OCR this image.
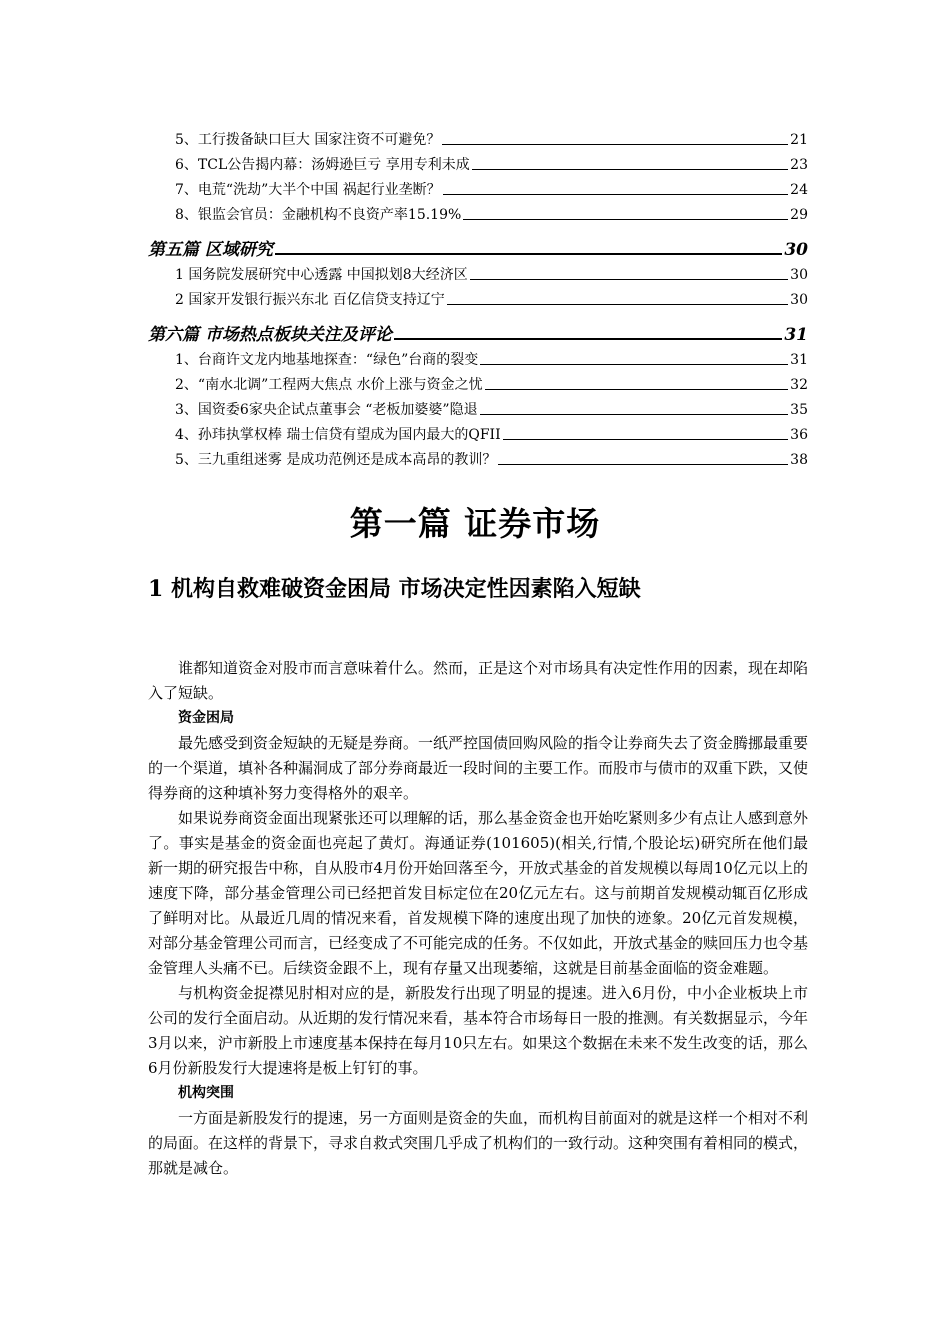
5、工行拨备缺口巨大 国家注资不可避免？	21
6、TCL公告揭内幕：汤姆逊巨亏 享用专利未成	23
7、电荒“洗劫”大半个中国 祸起行业垄断？	24
8、银监会官员：金融机构不良资产率15.19%	29
第五篇 区域研究	30
1 国务院发展研究中心透露 中国拟划8大经济区	30
2 国家开发银行振兴东北 百亿信贷支持辽宁	30
第六篇 市场热点板块关注及评论	31
1、台商许文龙内地基地探查：“绿色”台商的裂变	31
2、“南水北调”工程两大焦点 水价上涨与资金之忧	32
3、国资委6家央企试点董事会 “老板加婆婆”隐退	35
4、孙玮执掌权棒 瑞士信贷有望成为国内最大的QFII	36
5、三九重组迷雾 是成功范例还是成本高昂的教训？	38
第一篇 证券市场
1 机构自救难破资金困局 市场决定性因素陷入短缺

谁都知道资金对股市而言意味着什么。然而，正是这个对市场具有决定性作用的因素，现在却陷入了短缺。

资金困局

最先感受到资金短缺的无疑是券商。一纸严控国债回购风险的指令让券商失去了资金腾挪最重要的一个渠道，填补各种漏洞成了部分券商最近一段时间的主要工作。而股市与债市的双重下跌，又使得券商的这种填补努力变得格外的艰辛。

如果说券商资金面出现紧张还可以理解的话，那么基金资金也开始吃紧则多少有点让人感到意外了。事实是基金的资金面也亮起了黄灯。海通证券(101605)(相关,行情,个股论坛)研究所在他们最新一期的研究报告中称，自从股市4月份开始回落至今，开放式基金的首发规模以每周10亿元以上的速度下降，部分基金管理公司已经把首发目标定位在20亿元左右。这与前期首发规模动辄百亿形成了鲜明对比。从最近几周的情况来看，首发规模下降的速度出现了加快的迹象。20亿元首发规模，对部分基金管理公司而言，已经变成了不可能完成的任务。不仅如此，开放式基金的赎回压力也令基金管理人头痛不已。后续资金跟不上，现有存量又出现萎缩，这就是目前基金面临的资金难题。

与机构资金捉襟见肘相对应的是，新股发行出现了明显的提速。进入6月份，中小企业板块上市公司的发行全面启动。从近期的发行情况来看，基本符合市场每日一股的推测。有关数据显示，今年3月以来，沪市新股上市速度基本保持在每月10只左右。如果这个数据在未来不发生改变的话，那么6月份新股发行大提速将是板上钉钉的事。

机构突围

一方面是新股发行的提速，另一方面则是资金的失血，而机构目前面对的就是这样一个相对不利的局面。在这样的背景下，寻求自救式突围几乎成了机构们的一致行动。这种突围有着相同的模式，那就是减仓。
